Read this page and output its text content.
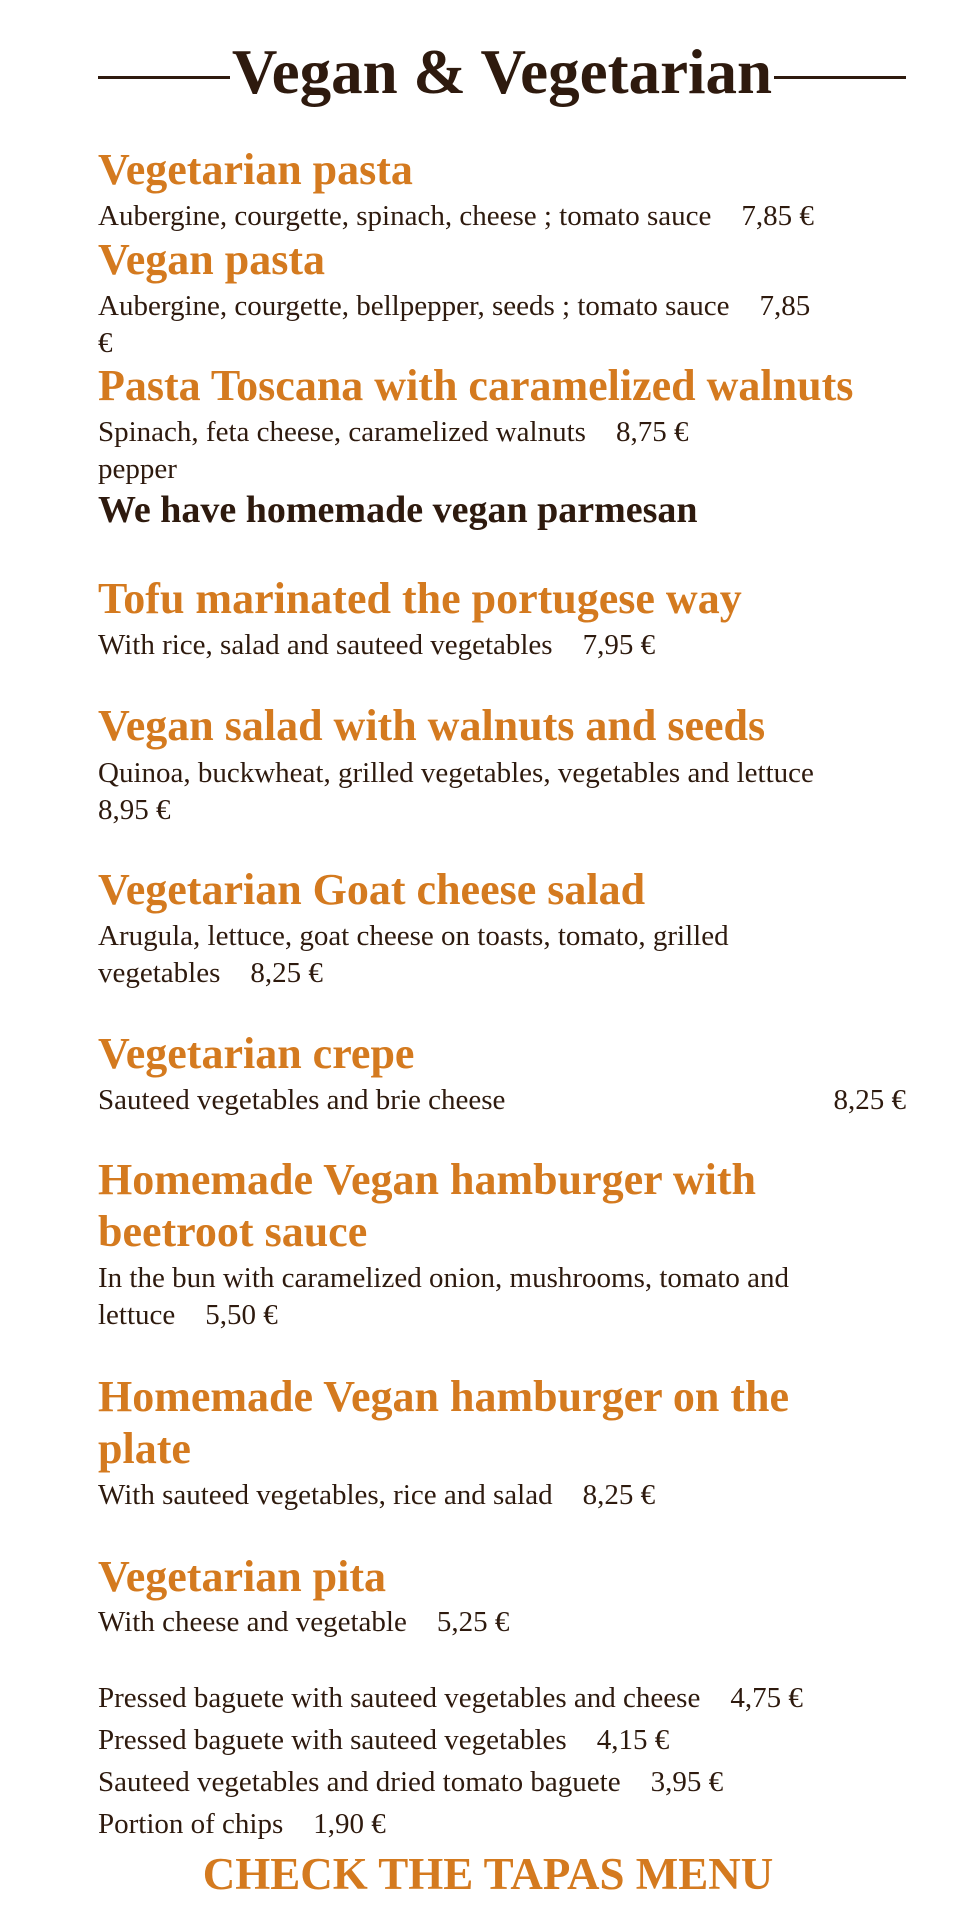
Vegan & Vegetarian
Vegetarian pasta
Aubergine, courgette, spinach, cheese ; tomato sauce 7,85 €
Vegan pasta
Aubergine, courgette, bellpepper, seeds ; tomato sauce 7,85
€
Pasta Toscana with caramelized walnuts
Spinach, feta cheese, caramelized walnuts 8,75 €
pepper
We have homemade vegan parmesan
Tofu marinated the portugese way
With rice, salad and sauteed vegetables 7,95 €
Vegan salad with walnuts and seeds
Quinoa, buckwheat, grilled vegetables, vegetables and lettuce
8,95 €
Vegetarian Goat cheese salad
Arugula, lettuce, goat cheese on toasts, tomato, grilled
vegetables 8,25 €
Vegetarian crepe
Sauteed vegetables and brie cheese	8,25 €
Homemade Vegan hamburger with
beetroot sauce
In the bun with caramelized onion, mushrooms, tomato and
lettuce 5,50 €
Homemade Vegan hamburger on the
plate
With sauteed vegetables, rice and salad 8,25 €
Vegetarian pita
With cheese and vegetable 5,25 €
Pressed baguete with sauteed vegetables and cheese 4,75 €
Pressed baguete with sauteed vegetables 4,15 €
Sauteed vegetables and dried tomato baguete 3,95 €
Portion of chips 1,90 €
CHECK THE TAPAS MENU
